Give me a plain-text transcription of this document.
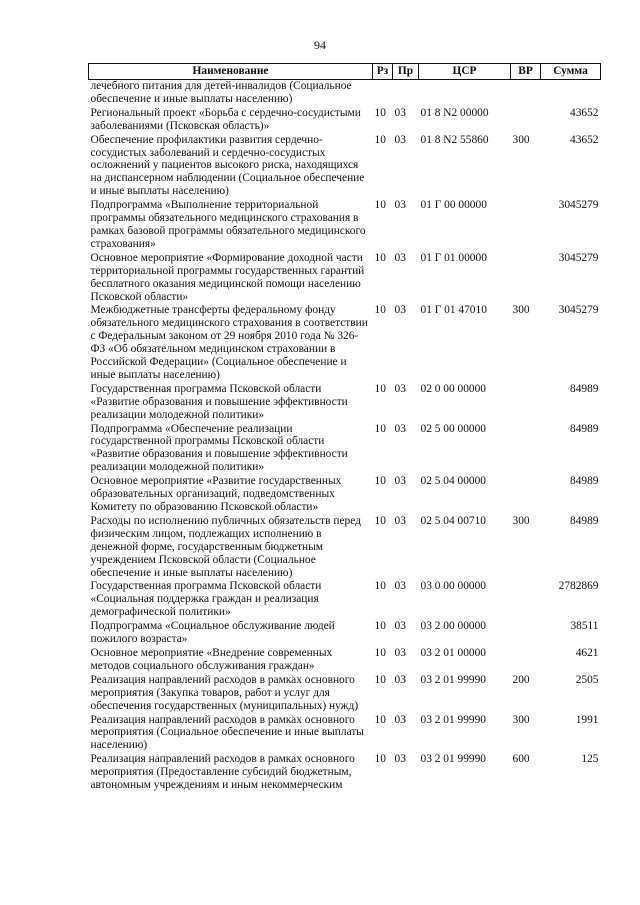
94
Наименование	Рз	Пр	ЦСР	ВР	Сумма
лечебного питания для детей-инвалидов (Социальное обеспечение и иные выплаты населению)					
Региональный проект «Борьба с сердечно-сосудистыми заболеваниями (Псковская область)»	10	03	01 8 N2 00000		43652
Обеспечение профилактики развития сердечно-сосудистых заболеваний и сердечно-сосудистых осложнений у пациентов высокого риска, находящихся на диспансерном наблюдении (Социальное обеспечение и иные выплаты населению)	10	03	01 8 N2 55860	300	43652
Подпрограмма «Выполнение территориальной программы обязательного медицинского страхования в рамках базовой программы обязательного медицинского страхования»	10	03	01 Г 00 00000		3045279
Основное мероприятие «Формирование доходной части территориальной программы государственных гарантий бесплатного оказания медицинской помощи населению Псковской области»	10	03	01 Г 01 00000		3045279
Межбюджетные трансферты федеральному фонду обязательного медицинского страхования в соответствии с Федеральным законом от 29 ноября 2010 года № 326-ФЗ «Об обязательном медицинском страховании в Российской Федерации» (Социальное обеспечение и иные выплаты населению)	10	03	01 Г 01 47010	300	3045279
Государственная программа Псковской области «Развитие образования и повышение эффективности реализации молодежной политики»	10	03	02 0 00 00000		84989
Подпрограмма «Обеспечение реализации государственной программы Псковской области «Развитие образования и повышение эффективности реализации молодежной политики»	10	03	02 5 00 00000		84989
Основное мероприятие «Развитие государственных образовательных организаций, подведомственных Комитету по образованию Псковской области»	10	03	02 5 04 00000		84989
Расходы по исполнению публичных обязательств перед физическим лицом, подлежащих исполнению в денежной форме, государственным бюджетным учреждением Псковской области (Социальное обеспечение и иные выплаты населению)	10	03	02 5 04 00710	300	84989
Государственная программа Псковской области «Социальная поддержка граждан и реализация демографической политики»	10	03	03 0 00 00000		2782869
Подпрограмма «Социальное обслуживание людей пожилого возраста»	10	03	03 2 00 00000		38511
Основное мероприятие «Внедрение современных методов социального обслуживания граждан»	10	03	03 2 01 00000		4621
Реализация направлений расходов в рамках основного мероприятия (Закупка товаров, работ и услуг для обеспечения государственных (муниципальных) нужд)	10	03	03 2 01 99990	200	2505
Реализация направлений расходов в рамках основного мероприятия (Социальное обеспечение и иные выплаты населению)	10	03	03 2 01 99990	300	1991
Реализация направлений расходов в рамках основного мероприятия (Предоставление субсидий бюджетным, автономным учреждениям и иным некоммерческим	10	03	03 2 01 99990	600	125
